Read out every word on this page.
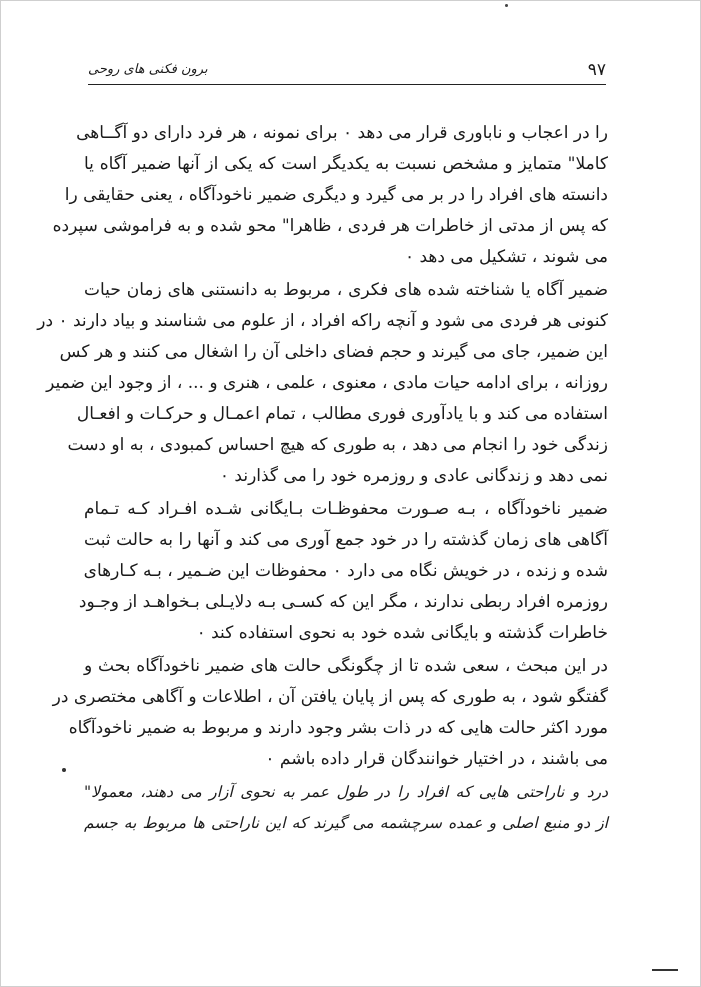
۹۷
برون فکنی های روحی
را در اعجاب و ناباوری قرار می دهد ۰ برای نمونه ، هر فرد دارای دو آگــاهی
کاملا" متمایز و مشخص نسبت به یکدیگر است که یکی از آنها ضمیر آگاه یا
دانسته های افراد را در بر می گیرد و دیگری ضمیر ناخودآگاه ، یعنی حقایقی را
که پس از مدتی از خاطرات هر فردی ، ظاهرا" محو شده و به فراموشی سپرده
می شوند ، تشکیل می دهد ۰
ضمیر آگاه یا شناخته شده های فکری ، مربوط به دانستنی های زمان حیات
کنونی هر فردی می شود و آنچه راکه افراد ، از علوم می شناسند و بیاد دارند ۰ در
این ضمیر، جای می گیرند و حجم فضای داخلی آن را اشغال می کنند و هر کس
روزانه ، برای ادامه حیات مادی ، معنوی ، علمی ، هنری و ... ، از وجود این ضمیر
استفاده می کند و با یادآوری فوری مطالب ، تمام اعمـال و حرکـات و افعـال
زندگی خود را انجام می دهد ، به طوری که هیچ احساس کمبودی ، به او دست
نمی دهد و زندگانی عادی و روزمره خود را می گذارند ۰
ضمیر ناخودآگاه ، بـه صـورت محفوظـات بـایگانی شـده افـراد کـه تـمام
آگاهی های زمان گذشته را در خود جمع آوری می کند و آنها را به حالت ثبت
شده و زنده ، در خویش نگاه می دارد ۰ محفوظات این ضـمیر ، بـه کـارهای
روزمره افراد ربطی ندارند ، مگر این که کسـی بـه دلایـلی بـخواهـد از وجـود
خاطرات گذشته و بایگانی شده خود به نحوی استفاده کند ۰
در این مبحث ، سعی شده تا از چگونگی حالت های ضمیر ناخودآگاه بحث و
گفتگو شود ، به طوری که پس از پایان یافتن آن ، اطلاعات و آگاهی مختصری در
مورد اکثر حالت هایی که در ذات بشر وجود دارند و مربوط به ضمیر ناخودآگاه
می باشند ، در اختیار خوانندگان قرار داده باشم ۰
درد و ناراحتی هایی که افراد را در طول عمر به نحوی آزار می دهند، معمولا"
از دو منبع اصلی و عمده سرچشمه می گیرند که این ناراحتی ها مربوط به جسم
